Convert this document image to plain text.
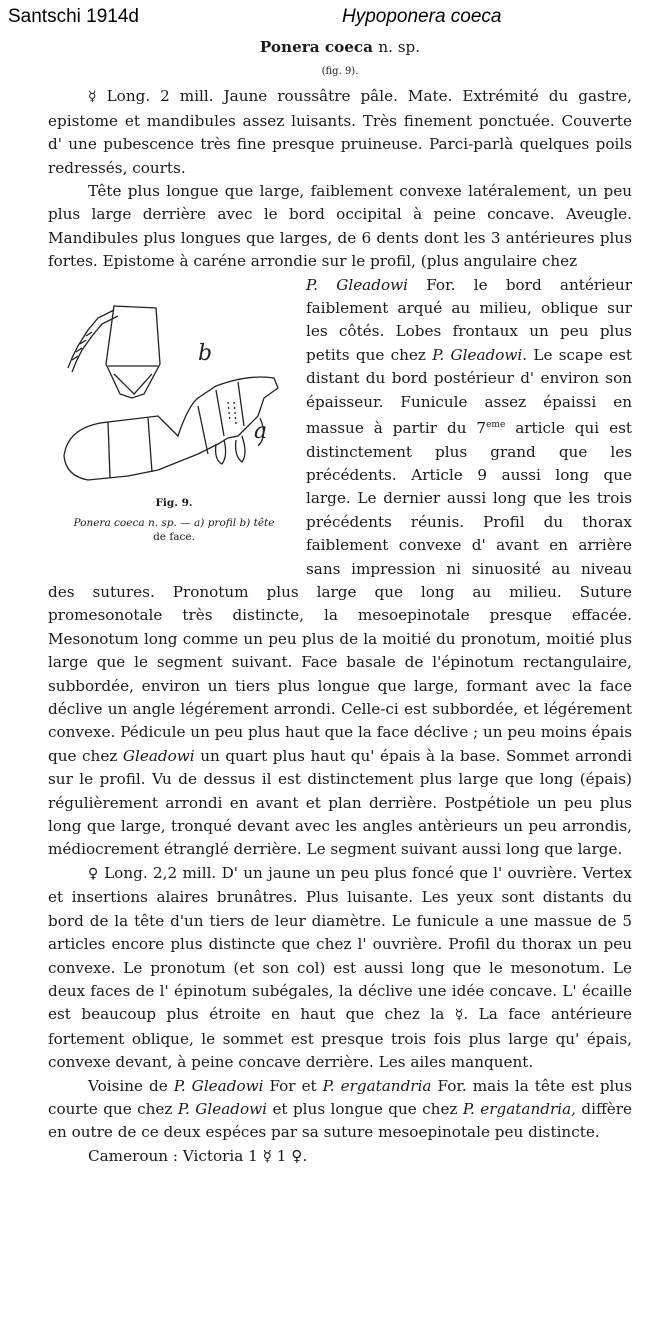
Santschi 1914d	Hypoponera coeca
Ponera coeca n. sp.
(fig. 9).

☿ Long. 2 mill. Jaune roussâtre pâle. Mate. Extrémité du gastre, epistome et mandibules assez luisants. Très finement ponctuée. Couverte d' une pubescence très fine presque pruineuse. Parci-parlà quelques poils redressés, courts.

Tête plus longue que large, faiblement convexe latéralement, un peu plus large derrière avec le bord occipital à peine concave. Aveugle. Mandibules plus longues que larges, de 6 dents dont les 3 antérieures plus fortes. Epistome à caréne arrondie sur le profil, (plus angulaire chez

b
a
Fig. 9.
Ponera coeca n. sp. — a) profil b) tête
de face.

P. Gleadowi For. le bord antérieur faiblement arqué au milieu, oblique sur les côtés. Lobes frontaux un peu plus petits que chez P. Gleadowi. Le scape est distant du bord postérieur d' environ son épaisseur. Funicule assez épaissi en massue à partir du 7eme article qui est distinctement plus grand que les précédents. Article 9 aussi long que large. Le dernier aussi long que les trois précédents réunis. Profil du thorax faiblement convexe d' avant en arrière sans impression ni sinuosité au niveau des sutures. Pronotum plus large que long au milieu. Suture promesonotale très distincte, la mesoepinotale presque effacée. Mesonotum long comme un peu plus de la moitié du pronotum, moitié plus large que le segment suivant. Face basale de l'épinotum rectangulaire, subbordée, environ un tiers plus longue que large, formant avec la face déclive un angle légérement arrondi. Celle-ci est subbordée, et légérement convexe. Pédicule un peu plus haut que la face déclive ; un peu moins épais que chez Gleadowi un quart plus haut qu' épais à la base. Sommet arrondi sur le profil. Vu de dessus il est distinctement plus large que long (épais) régulièrement arrondi en avant et plan derrière. Postpétiole un peu plus long que large, tronqué devant avec les angles antèrieurs un peu arrondis, médiocrement étranglé derrière. Le segment suivant aussi long que large.

♀ Long. 2,2 mill. D' un jaune un peu plus foncé que l' ouvrière. Vertex et insertions alaires brunâtres. Plus luisante. Les yeux sont distants du bord de la tête d'un tiers de leur diamètre. Le funicule a une massue de 5 articles encore plus distincte que chez l' ouvrière. Profil du thorax un peu convexe. Le pronotum (et son col) est aussi long que le mesonotum. Le deux faces de l' épinotum subégales, la déclive une idée concave. L' écaille est beaucoup plus étroite en haut que chez la ☿. La face antérieure fortement oblique, le sommet est presque trois fois plus large qu' épais, convexe devant, à peine concave derrière. Les ailes manquent.

Voisine de P. Gleadowi For et P. ergatandria For. mais la tête est plus courte que chez P. Gleadowi et plus longue que chez P. ergatandria, diffère en outre de ce deux espéces par sa suture mesoepinotale peu distincte.

Cameroun : Victoria 1 ☿ 1 ♀.
